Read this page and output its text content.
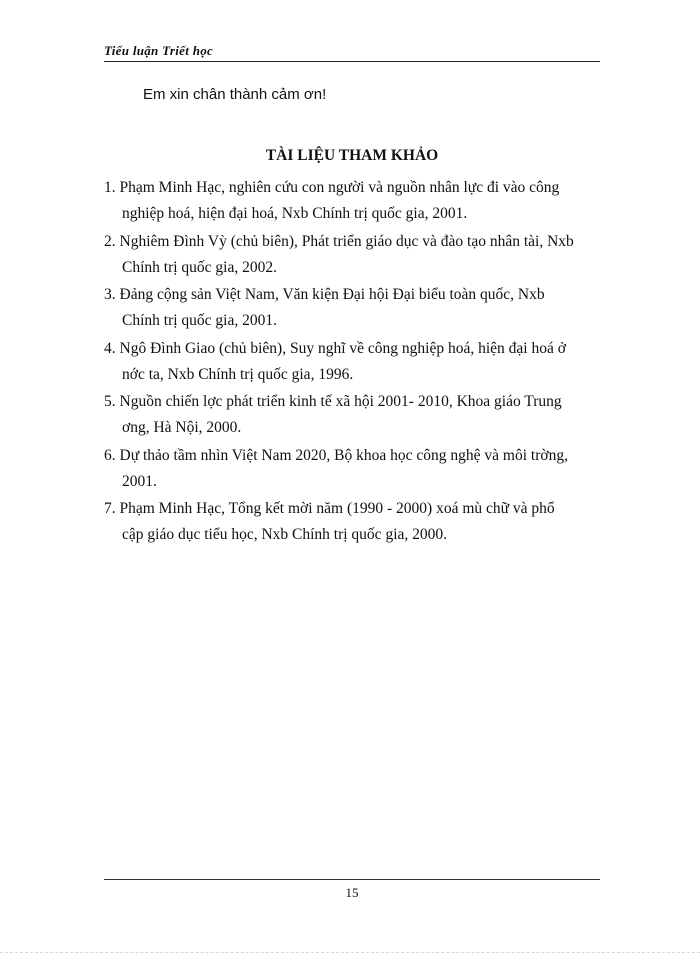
Tiểu luận Triết học
Em xin chân thành cảm ơn!
TÀI LIỆU THAM KHẢO
1. Phạm Minh Hạc, nghiên cứu con người và nguồn nhân lực đi vào công
nghiệp hoá, hiện đại hoá, Nxb Chính trị quốc gia, 2001.
2. Nghiêm Đình Vỳ (chủ biên), Phát triển giáo dục và đào tạo nhân tài, Nxb
Chính trị quốc gia, 2002.
3. Đảng cộng sản Việt Nam, Văn kiện Đại hội Đại biểu toàn quốc, Nxb
Chính trị quốc gia, 2001.
4. Ngô Đình Giao (chủ biên), Suy nghĩ về công nghiệp hoá, hiện đại hoá ở
nớc ta, Nxb Chính trị quốc gia, 1996.
5. Nguồn chiến lợc phát triển kinh tế xã hội 2001- 2010, Khoa giáo Trung
ơng, Hà Nội, 2000.
6. Dự thảo tầm nhìn Việt Nam 2020, Bộ khoa học công nghệ và môi trờng,
2001.
7. Phạm Minh Hạc, Tổng kết mời năm (1990 - 2000) xoá mù chữ và phổ
cập giáo dục tiểu học, Nxb Chính trị quốc gia, 2000.
15
